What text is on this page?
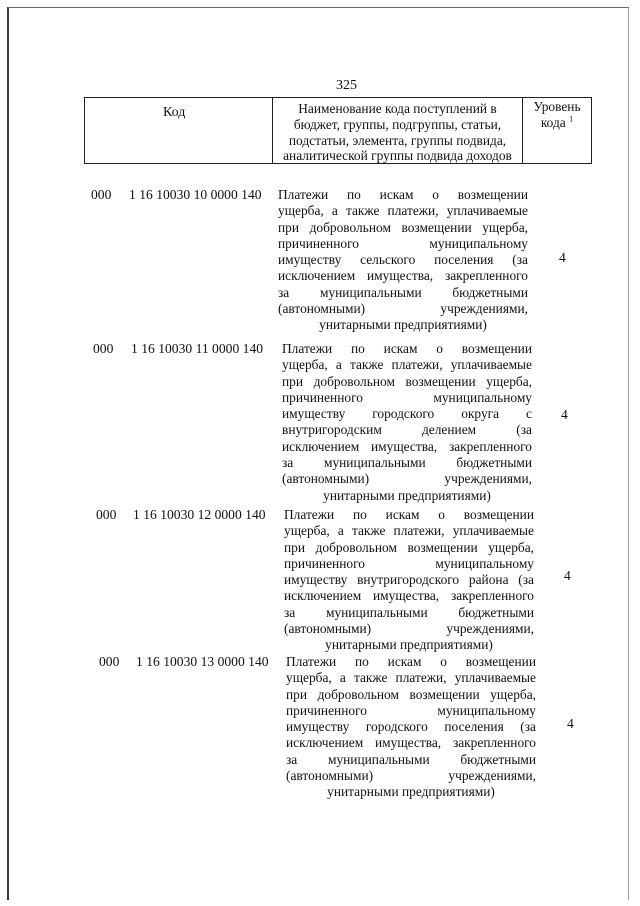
325
Код	Наименование кода поступлений в
бюджет, группы, подгруппы, статьи,
подстатьи, элемента, группы подвида,
аналитической группы подвида доходов
Уровень
кода $^1$
000 1 16 10030 10 0000 140 Платежи по искам о возмещении
ущерба, а также платежи, уплачиваемые
при добровольном возмещении ущерба,
причиненного муниципальному
имуществу сельского поселения (за
исключением имущества, закрепленного
за муниципальными бюджетными
(автономными) учреждениями,
унитарными предприятиями)
4
000 1 16 10030 11 0000 140 Платежи по искам о возмещении
ущерба, а также платежи, уплачиваемые
при добровольном возмещении ущерба,
причиненного муниципальному
имуществу городского округа с
внутригородским делением (за
исключением имущества, закрепленного
за муниципальными бюджетными
(автономными) учреждениями,
унитарными предприятиями)
4
000 1 16 10030 12 0000 140 Платежи по искам о возмещении
ущерба, а также платежи, уплачиваемые
при добровольном возмещении ущерба,
причиненного муниципальному
имуществу внутригородского района (за
исключением имущества, закрепленного
за муниципальными бюджетными
(автономными) учреждениями,
унитарными предприятиями)
4
000 1 16 10030 13 0000 140 Платежи по искам о возмещении
ущерба, а также платежи, уплачиваемые
при добровольном возмещении ущерба,
причиненного муниципальному
имуществу городского поселения (за
исключением имущества, закрепленного
за муниципальными бюджетными
(автономными) учреждениями,
унитарными предприятиями)
4
